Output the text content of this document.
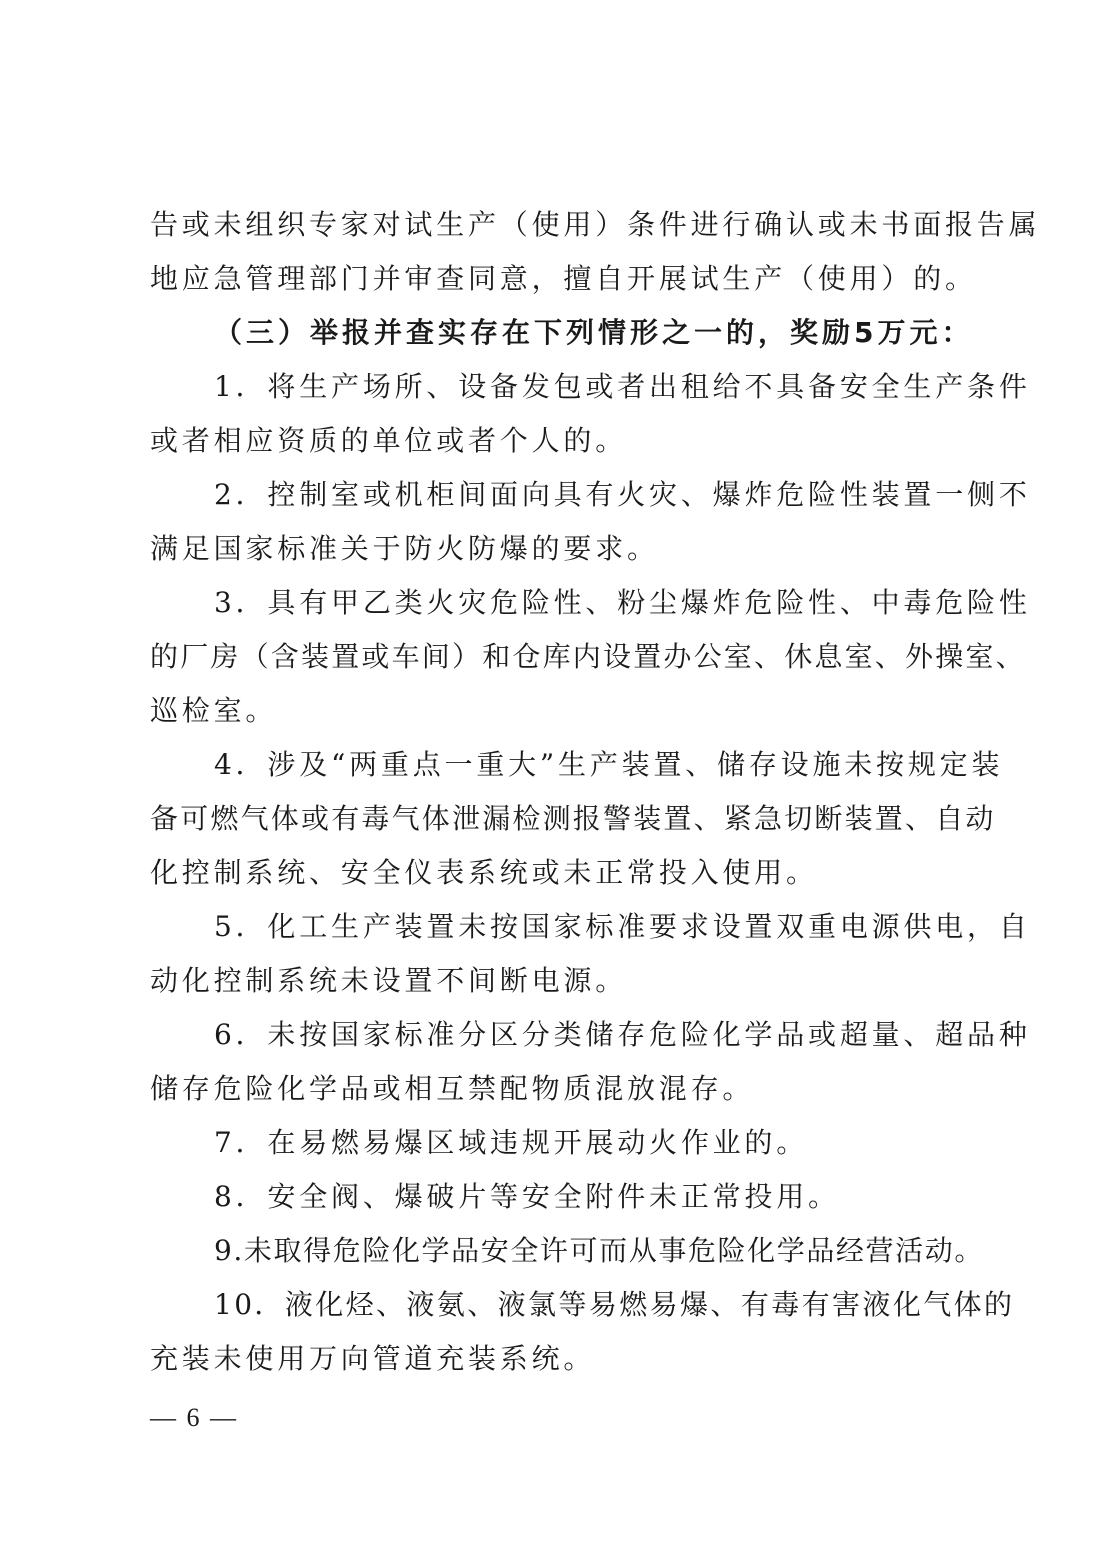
告或未组织专家对试生产（使用）条件进行确认或未书面报告属
地应急管理部门并审查同意，擅自开展试生产（使用）的。
（三）举报并查实存在下列情形之一的，奖励5万元：
1．将生产场所、设备发包或者出租给不具备安全生产条件
或者相应资质的单位或者个人的。
2．控制室或机柜间面向具有火灾、爆炸危险性装置一侧不
满足国家标准关于防火防爆的要求。
3．具有甲乙类火灾危险性、粉尘爆炸危险性、中毒危险性
的厂房（含装置或车间）和仓库内设置办公室、休息室、外操室、
巡检室。
4．涉及“两重点一重大”生产装置、储存设施未按规定装
备可燃气体或有毒气体泄漏检测报警装置、紧急切断装置、自动
化控制系统、安全仪表系统或未正常投入使用。
5．化工生产装置未按国家标准要求设置双重电源供电，自
动化控制系统未设置不间断电源。
6．未按国家标准分区分类储存危险化学品或超量、超品种
储存危险化学品或相互禁配物质混放混存。
7．在易燃易爆区域违规开展动火作业的。
8．安全阀、爆破片等安全附件未正常投用。
9.未取得危险化学品安全许可而从事危险化学品经营活动。
10．液化烃、液氨、液氯等易燃易爆、有毒有害液化气体的
充装未使用万向管道充装系统。
— 6 —
